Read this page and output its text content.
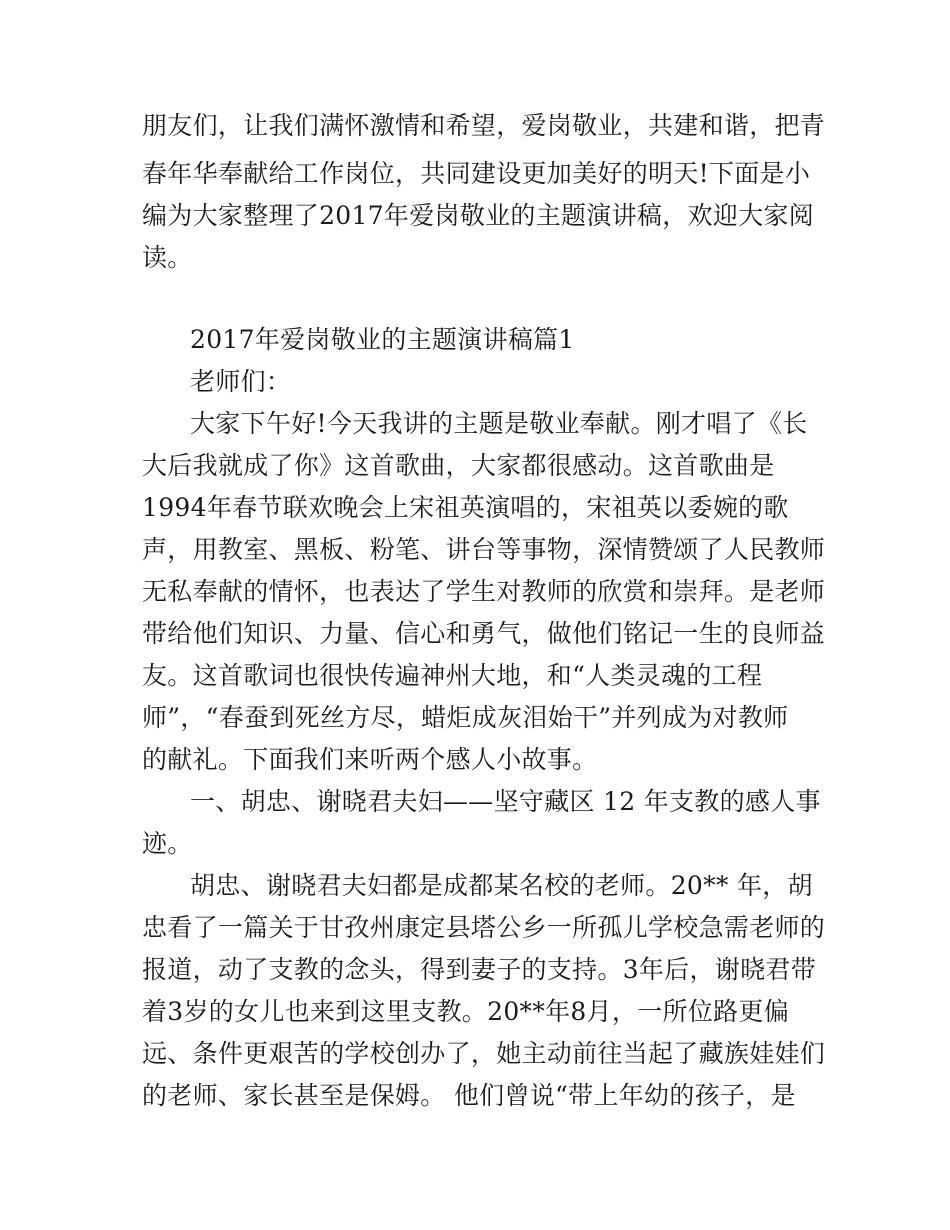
朋友们，让我们满怀激情和希望，爱岗敬业，共建和谐，把青
春年华奉献给工作岗位，共同建设更加美好的明天!下面是小
编为大家整理了2017年爱岗敬业的主题演讲稿，欢迎大家阅
读。
2017年爱岗敬业的主题演讲稿篇1
老师们：
大家下午好!今天我讲的主题是敬业奉献。刚才唱了《长
大后我就成了你》这首歌曲，大家都很感动。这首歌曲是
1994年春节联欢晚会上宋祖英演唱的，宋祖英以委婉的歌
声，用教室、黑板、粉笔、讲台等事物，深情赞颂了人民教师
无私奉献的情怀，也表达了学生对教师的欣赏和崇拜。是老师
带给他们知识、力量、信心和勇气，做他们铭记一生的良师益
友。这首歌词也很快传遍神州大地，和“人类灵魂的工程
师”，“春蚕到死丝方尽，蜡炬成灰泪始干”并列成为对教师
的献礼。下面我们来听两个感人小故事。
一、胡忠、谢晓君夫妇——坚守藏区 12 年支教的感人事
迹。
胡忠、谢晓君夫妇都是成都某名校的老师。20** 年，胡
忠看了一篇关于甘孜州康定县塔公乡一所孤儿学校急需老师的
报道，动了支教的念头，得到妻子的支持。3年后，谢晓君带
着3岁的女儿也来到这里支教。20**年8月，一所位路更偏
远、条件更艰苦的学校创办了，她主动前往当起了藏族娃娃们
的老师、家长甚至是保姆。 他们曾说“带上年幼的孩子，是
